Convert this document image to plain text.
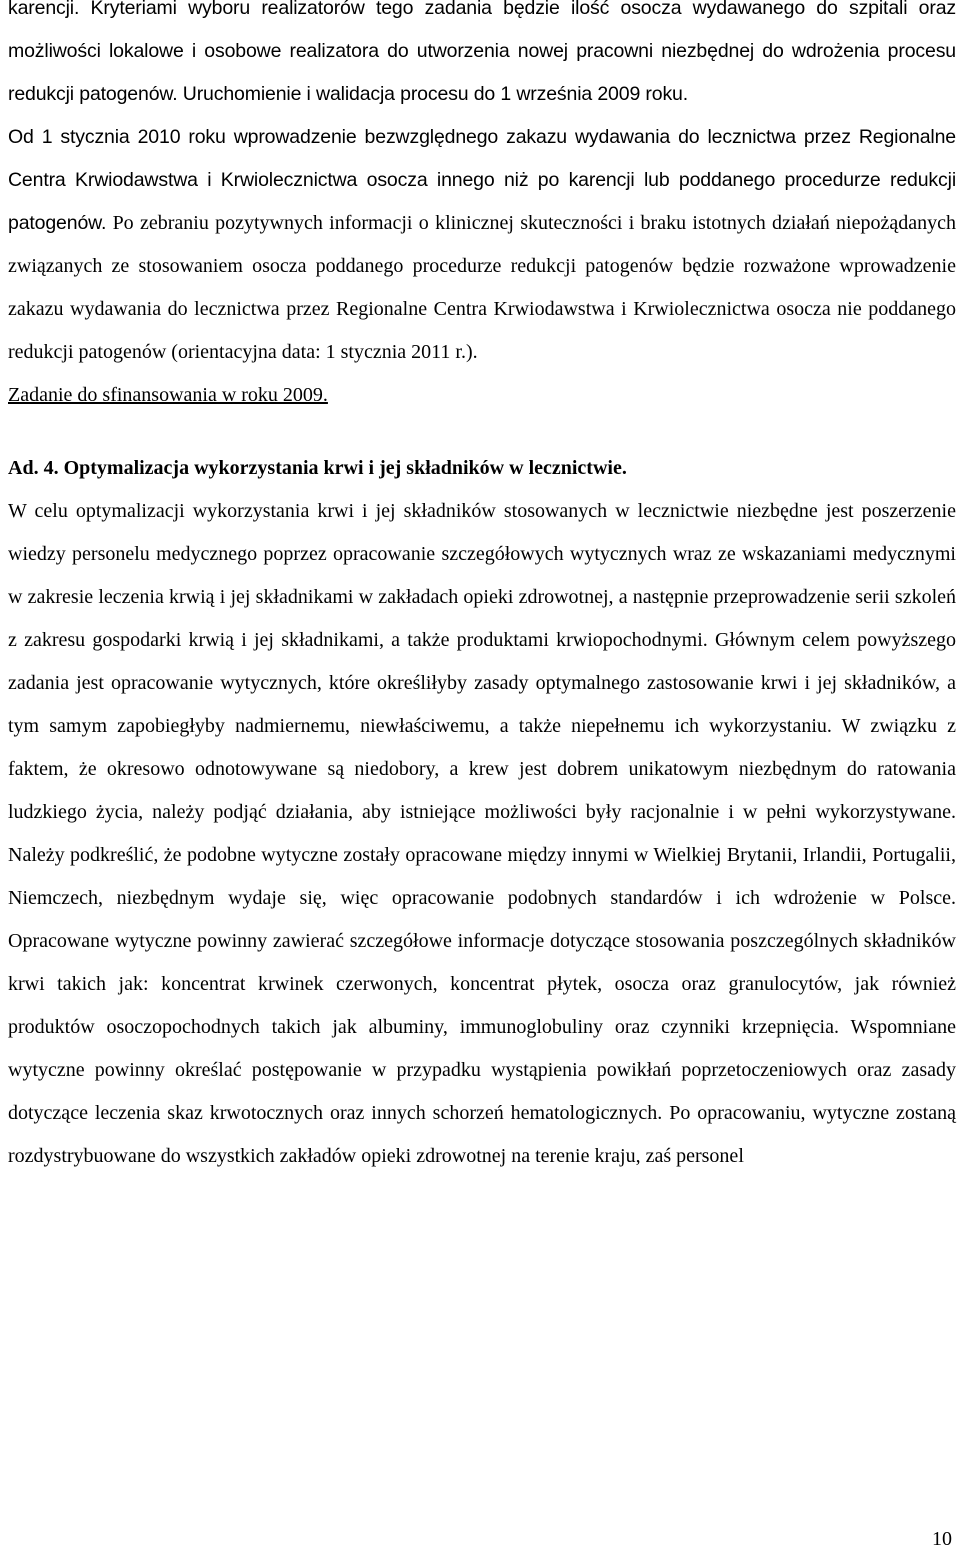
karencji. Kryteriami wyboru realizatorów tego zadania będzie ilość osocza wydawanego do szpitali oraz możliwości lokalowe i osobowe realizatora do utworzenia nowej pracowni niezbędnej do wdrożenia procesu redukcji patogenów. Uruchomienie i walidacja procesu do 1 września 2009 roku.

Od 1 stycznia 2010 roku wprowadzenie bezwzględnego zakazu wydawania do lecznictwa przez Regionalne Centra Krwiodawstwa i Krwiolecznictwa osocza innego niż po karencji lub poddanego procedurze redukcji patogenów.

Po zebraniu pozytywnych informacji o klinicznej skuteczności i braku istotnych działań niepożądanych związanych ze stosowaniem osocza poddanego procedurze redukcji patogenów będzie rozważone wprowadzenie zakazu wydawania do lecznictwa przez Regionalne Centra Krwiodawstwa i Krwiolecznictwa osocza nie poddanego redukcji patogenów (orientacyjna data: 1 stycznia 2011 r.).

Zadanie do sfinansowania w roku 2009.
Ad. 4. Optymalizacja wykorzystania krwi i jej składników w lecznictwie.

W celu optymalizacji wykorzystania krwi i jej składników stosowanych w lecznictwie niezbędne jest poszerzenie wiedzy personelu medycznego poprzez opracowanie szczegółowych wytycznych wraz ze wskazaniami medycznymi w zakresie leczenia krwią i jej składnikami w zakładach opieki zdrowotnej, a następnie przeprowadzenie serii szkoleń z zakresu gospodarki krwią i jej składnikami, a także produktami krwiopochodnymi. Głównym celem powyższego zadania jest opracowanie wytycznych, które określiłyby zasady optymalnego zastosowanie krwi i jej składników, a tym samym zapobiegłyby nadmiernemu, niewłaściwemu, a także niepełnemu ich wykorzystaniu. W związku z faktem, że okresowo odnotowywane są niedobory, a krew jest dobrem unikatowym niezbędnym do ratowania ludzkiego życia, należy podjąć działania, aby istniejące możliwości były racjonalnie i w pełni wykorzystywane. Należy podkreślić, że podobne wytyczne zostały opracowane między innymi w Wielkiej Brytanii, Irlandii, Portugalii, Niemczech, niezbędnym wydaje się, więc opracowanie podobnych standardów i ich wdrożenie w Polsce. Opracowane wytyczne powinny zawierać szczegółowe informacje dotyczące stosowania poszczególnych składników krwi takich jak: koncentrat krwinek czerwonych, koncentrat płytek, osocza oraz granulocytów, jak również produktów osoczopochodnych takich jak albuminy, immunoglobuliny oraz czynniki krzepnięcia. Wspomniane wytyczne powinny określać postępowanie w przypadku wystąpienia powikłań poprzetoczeniowych oraz zasady dotyczące leczenia skaz krwotocznych oraz innych schorzeń hematologicznych. Po opracowaniu, wytyczne zostaną rozdystrybuowane do wszystkich zakładów opieki zdrowotnej na terenie kraju, zaś personel

10
